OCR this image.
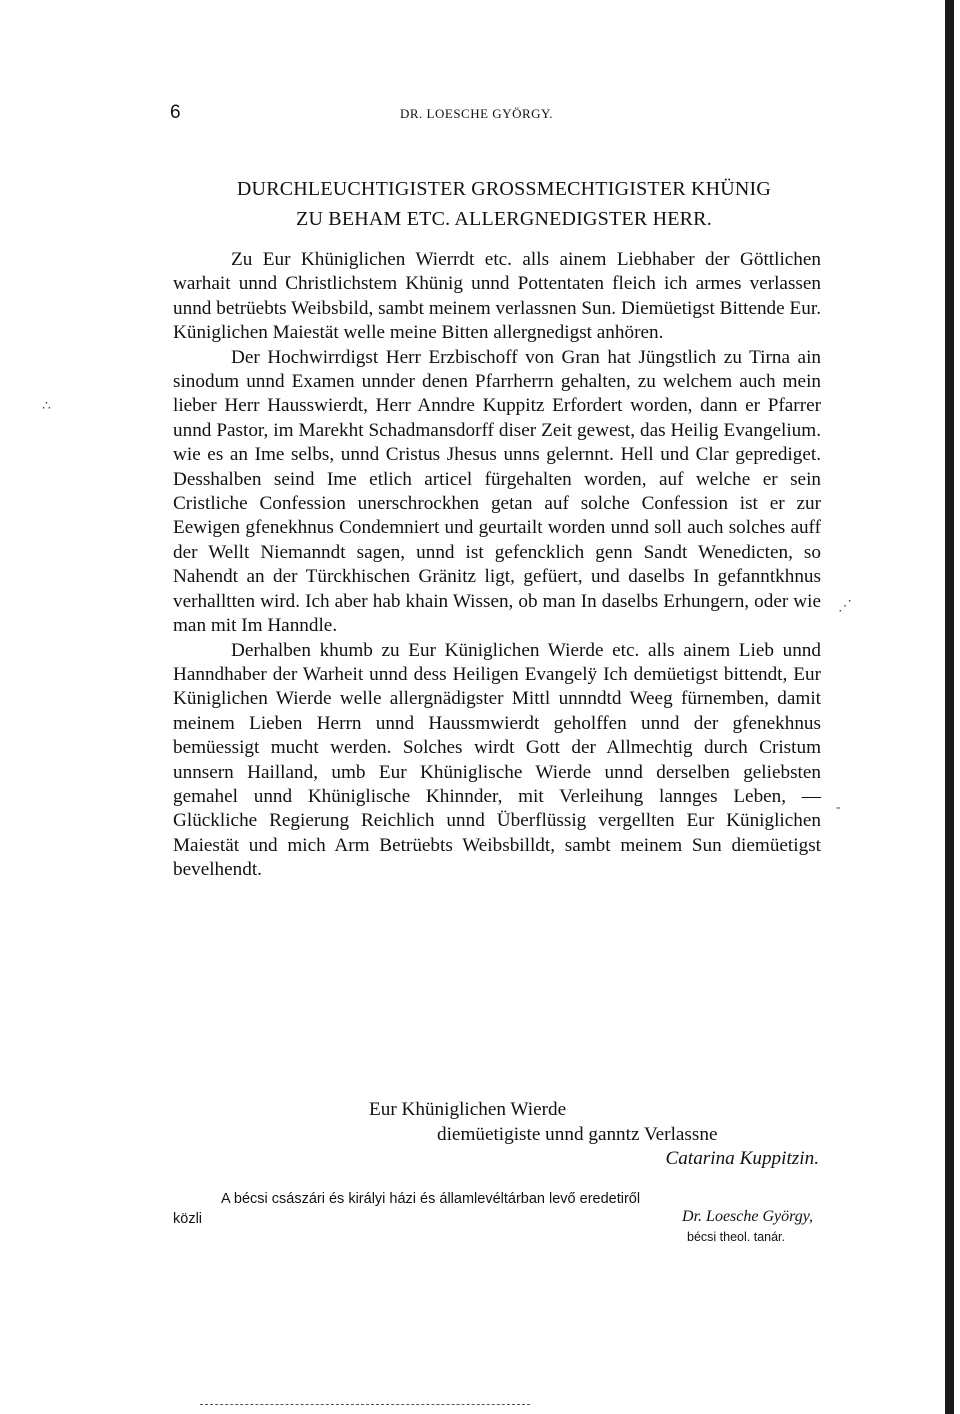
6	DR. LOESCHE GYÖRGY.
DURCHLEUCHTIGISTER GROSSMECHTIGISTER KHÜNIG
ZU BEHAM ETC. ALLERGNEDIGSTER HERR.

Zu Eur Khüniglichen Wierrdt etc. alls ainem Liebhaber der Göttlichen warhait unnd Christlichstem Khünig unnd Pottentaten fleich ich armes verlassen unnd betrüebts Weibsbild, sambt meinem verlassnen Sun. Diemüetigst Bittende Eur. Küniglichen Maiestät welle meine Bitten allergnedigst anhören.

Der Hochwirrdigst Herr Erzbischoff von Gran hat Jüngstlich zu Tirna ain sinodum unnd Examen unnder denen Pfarrherrn gehalten, zu welchem auch mein lieber Herr Hausswierdt, Herr Anndre Kuppitz Erfordert worden, dann er Pfarrer unnd Pastor, im Marekht Schadmansdorff diser Zeit gewest, das Heilig Evangelium. wie es an Ime selbs, unnd Cristus Jhesus unns gelernnt. Hell und Clar geprediget. Desshalben seind Ime etlich articel fürgehalten worden, auf welche er sein Cristliche Confession unerschrockhen getan auf solche Confession ist er zur Eewigen gfenekhnus Condemniert und geurtailt worden unnd soll auch solches auff der Wellt Niemanndt sagen, unnd ist gefencklich genn Sandt Wenedicten, so Nahendt an der Türckhischen Gränitz ligt, gefüert, und daselbs In gefanntkhnus verhalltten wird. Ich aber hab khain Wissen, ob man In daselbs Erhungern, oder wie man mit Im Hanndle.

Derhalben khumb zu Eur Küniglichen Wierde etc. alls ainem Lieb unnd Hanndhaber der Warheit unnd dess Heiligen Evangelÿ Ich demüetigst bittendt, Eur Küniglichen Wierde welle allergnädigster Mittl unnndtd Weeg fürnemben, damit meinem Lieben Herrn unnd Haussmwierdt geholffen unnd der gfenekhnus bemüessigt mucht werden. Solches wirdt Gott der Allmechtig durch Cristum unnsern Hailland, umb Eur Khüniglische Wierde unnd derselben geliebsten gemahel unnd Khüniglische Khinnder, mit Verleihung lannges Leben, — Glückliche Regierung Reichlich unnd Überflüssig vergellten Eur Küniglichen Maiestät und mich Arm Betrüebts Weibsbilldt, sambt meinem Sun diemüetigst bevelhendt.

Eur Khüniglichen Wierde
diemüetigiste unnd ganntz Verlassne
Catarina Kuppitzin.
A bécsi császári és királyi házi és államlevéltárban levő eredetiről
közli	Dr. Loesche György,
bécsi theol. tanár.
∴
⋰
-
